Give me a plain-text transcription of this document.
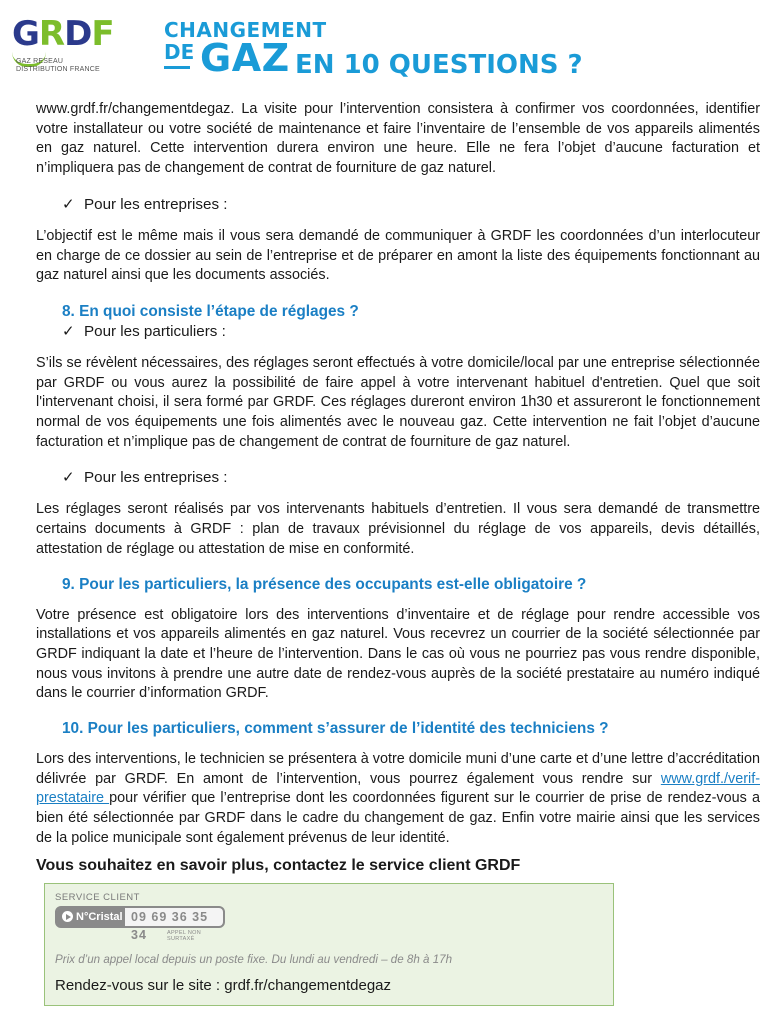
GRDF
GAZ RESEAU
DISTRIBUTION FRANCE
CHANGEMENT
DE GAZ EN 10 QUESTIONS ?

www.grdf.fr/changementdegaz. La visite pour l’intervention consistera à confirmer vos coordonnées, identifier votre installateur ou votre société de maintenance et faire l’inventaire de l’ensemble de vos appareils alimentés en gaz naturel. Cette intervention durera environ une heure. Elle ne fera l’objet d’aucune facturation et n’impliquera pas de changement de contrat de fourniture de gaz naturel.

✓ Pour les entreprises :

L’objectif est le même mais il vous sera demandé de communiquer à GRDF les coordonnées d’un interlocuteur en charge de ce dossier au sein de l’entreprise et de préparer en amont la liste des équipements fonctionnant au gaz naturel ainsi que les documents associés.

8. En quoi consiste l’étape de réglages ?
✓ Pour les particuliers :

S’ils se révèlent nécessaires, des réglages seront effectués à votre domicile/local par une entreprise sélectionnée par GRDF ou vous aurez la possibilité de faire appel à votre intervenant habituel d'entretien. Quel que soit l'intervenant choisi, il sera formé par GRDF. Ces réglages dureront environ 1h30 et assureront le fonctionnement normal de vos équipements une fois alimentés avec le nouveau gaz. Cette intervention ne fait l’objet d’aucune facturation et n’implique pas de changement de contrat de fourniture de gaz naturel.

✓ Pour les entreprises :

Les réglages seront réalisés par vos intervenants habituels d’entretien. Il vous sera demandé de transmettre certains documents à GRDF : plan de travaux prévisionnel du réglage de vos appareils, devis détaillés, attestation de réglage ou attestation de mise en conformité.

9. Pour les particuliers, la présence des occupants est-elle obligatoire ?

Votre présence est obligatoire lors des interventions d’inventaire et de réglage pour rendre accessible vos installations et vos appareils alimentés en gaz naturel. Vous recevrez un courrier de la société sélectionnée par GRDF indiquant la date et l’heure de l’intervention. Dans le cas où vous ne pourriez pas vous rendre disponible, nous vous invitons à prendre une autre date de rendez-vous auprès de la société prestataire au numéro indiqué dans le courrier d’information GRDF.

10. Pour les particuliers, comment s’assurer de l’identité des techniciens ?

Lors des interventions, le technicien se présentera à votre domicile muni d’une carte et d’une lettre d’accréditation délivrée par GRDF. En amont de l’intervention, vous pourrez également vous rendre sur www.grdf./verif-prestataire pour vérifier que l’entreprise dont les coordonnées figurent sur le courrier de prise de rendez-vous a bien été sélectionnée par GRDF dans le cadre du changement de gaz. Enfin votre mairie ainsi que les services de la police municipale sont également prévenus de leur identité.

Vous souhaitez en savoir plus, contactez le service client GRDF
SERVICE CLIENT
N°Cristal 09 69 36 35 34	APPEL NON SURTAXÉ
Prix d’un appel local depuis un poste fixe. Du lundi au vendredi – de 8h à 17h
Rendez-vous sur le site : grdf.fr/changementdegaz
